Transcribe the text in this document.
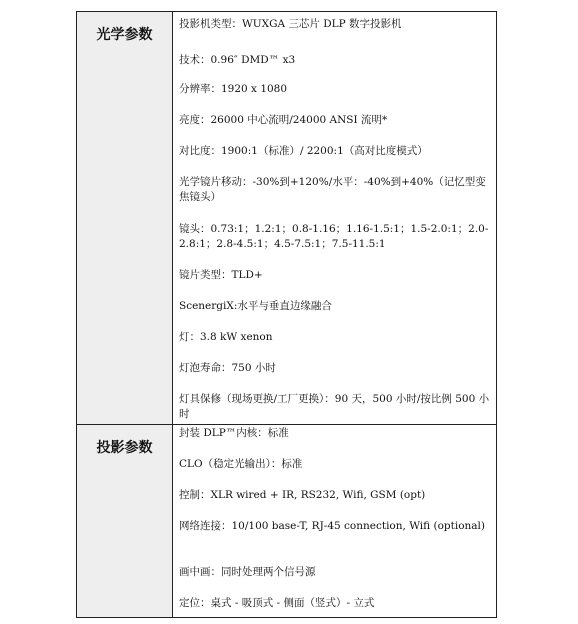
光学参数
投影机类型：WUXGA 三芯片 DLP 数字投影机
技术：0.96″ DMD™ x3
分辨率：1920 x 1080
亮度：26000 中心流明/24000 ANSI 流明*
对比度：1900:1（标准）/ 2200:1（高对比度模式）
光学镜片移动：-30%到+120%/水平：-40%到+40%（记忆型变焦镜头）
镜头：0.73:1；1.2:1；0.8-1.16；1.16-1.5:1；1.5-2.0:1；2.0-2.8:1；2.8-4.5:1；4.5-7.5:1；7.5-11.5:1
镜片类型：TLD+
ScenergiX:水平与垂直边缘融合
灯：3.8 kW xenon
灯泡寿命：750 小时
灯具保修（现场更换/工厂更换）：90 天，500 小时/按比例 500 小时
投影参数
封装 DLP™内核：标准
CLO（稳定光输出）：标准
控制：XLR wired + IR, RS232, Wifi, GSM (opt)
网络连接：10/100 base-T, RJ-45 connection, Wifi (optional)
画中画：同时处理两个信号源
定位：桌式 - 吸顶式 - 侧面（竖式）- 立式
